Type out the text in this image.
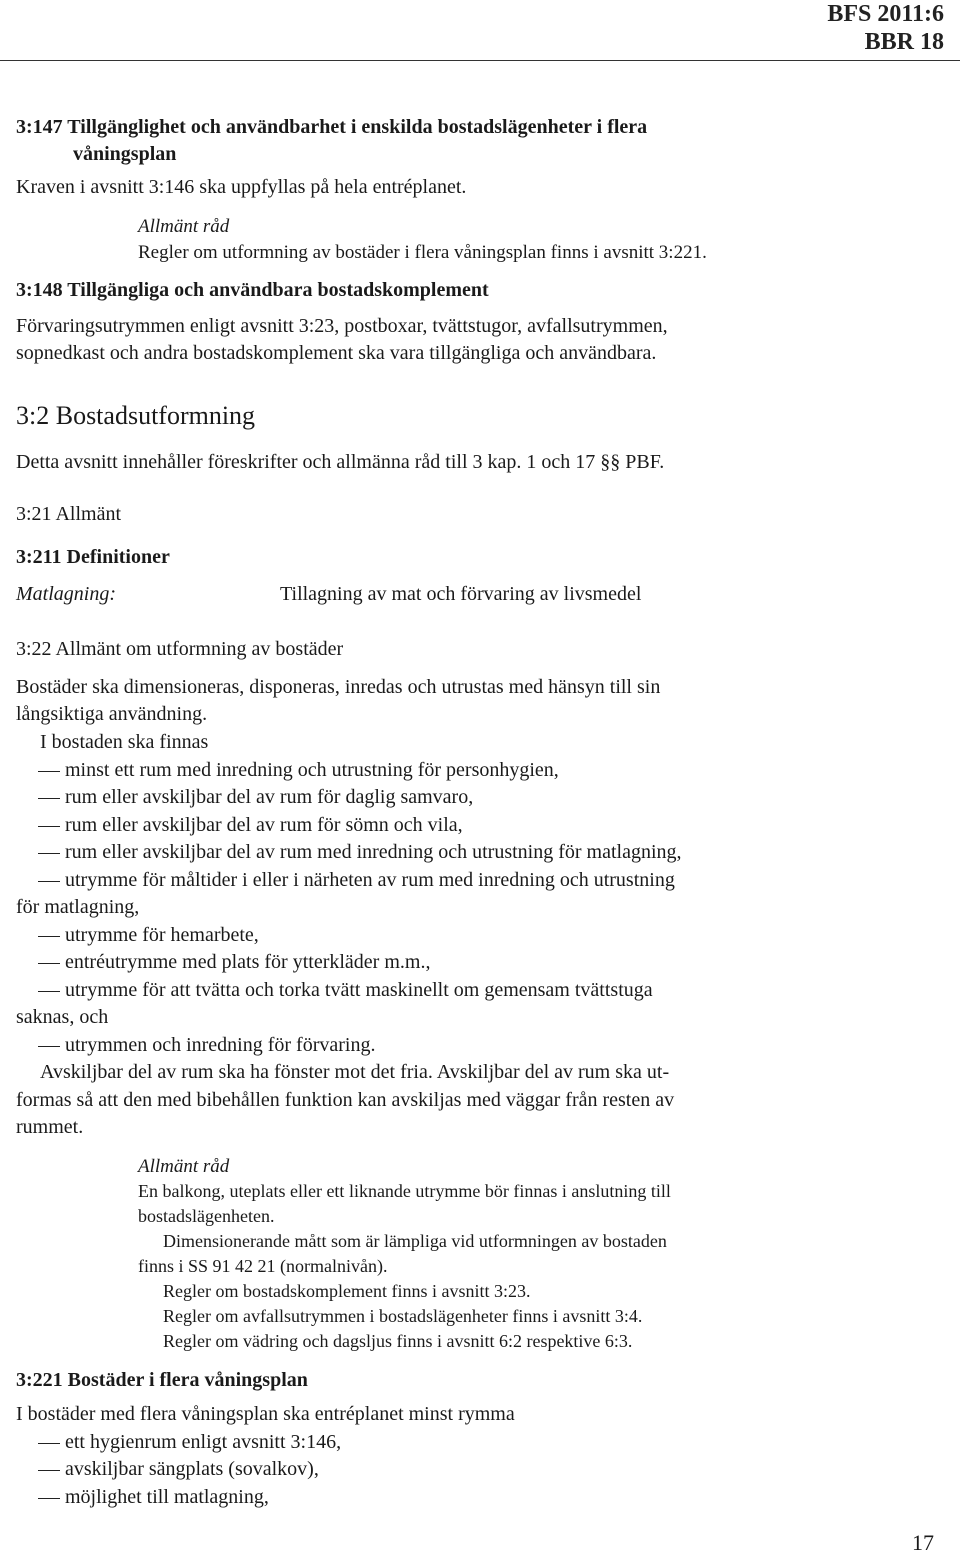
BFS 2011:6
BBR 18
3:147 Tillgänglighet och användbarhet i enskilda bostadslägenheter i flera
våningsplan
Kraven i avsnitt 3:146 ska uppfyllas på hela entréplanet.
Allmänt råd
Regler om utformning av bostäder i flera våningsplan finns i avsnitt 3:221.
3:148 Tillgängliga och användbara bostadskomplement
Förvaringsutrymmen enligt avsnitt 3:23, postboxar, tvättstugor, avfallsutrymmen,
sopnedkast och andra bostadskomplement ska vara tillgängliga och användbara.
3:2 Bostadsutformning
Detta avsnitt innehåller föreskrifter och allmänna råd till 3 kap. 1 och 17 §§ PBF.
3:21 Allmänt
3:211 Definitioner
Matlagning:	Tillagning av mat och förvaring av livsmedel
3:22 Allmänt om utformning av bostäder
Bostäder ska dimensioneras, disponeras, inredas och utrustas med hänsyn till sin
långsiktiga användning.
I bostaden ska finnas
minst ett rum med inredning och utrustning för personhygien,
rum eller avskiljbar del av rum för daglig samvaro,
rum eller avskiljbar del av rum för sömn och vila,
rum eller avskiljbar del av rum med inredning och utrustning för matlagning,
utrymme för måltider i eller i närheten av rum med inredning och utrustning
för matlagning,
utrymme för hemarbete,
entréutrymme med plats för ytterkläder m.m.,
utrymme för att tvätta och torka tvätt maskinellt om gemensam tvättstuga
saknas, och
utrymmen och inredning för förvaring.
Avskiljbar del av rum ska ha fönster mot det fria. Avskiljbar del av rum ska ut-
formas så att den med bibehållen funktion kan avskiljas med väggar från resten av
rummet.
Allmänt råd
En balkong, uteplats eller ett liknande utrymme bör finnas i anslutning till
bostadslägenheten.
Dimensionerande mått som är lämpliga vid utformningen av bostaden
finns i SS 91 42 21 (normalnivån).
Regler om bostadskomplement finns i avsnitt 3:23.
Regler om avfallsutrymmen i bostadslägenheter finns i avsnitt 3:4.
Regler om vädring och dagsljus finns i avsnitt 6:2 respektive 6:3.
3:221 Bostäder i flera våningsplan
I bostäder med flera våningsplan ska entréplanet minst rymma
ett hygienrum enligt avsnitt 3:146,
avskiljbar sängplats (sovalkov),
möjlighet till matlagning,
17
